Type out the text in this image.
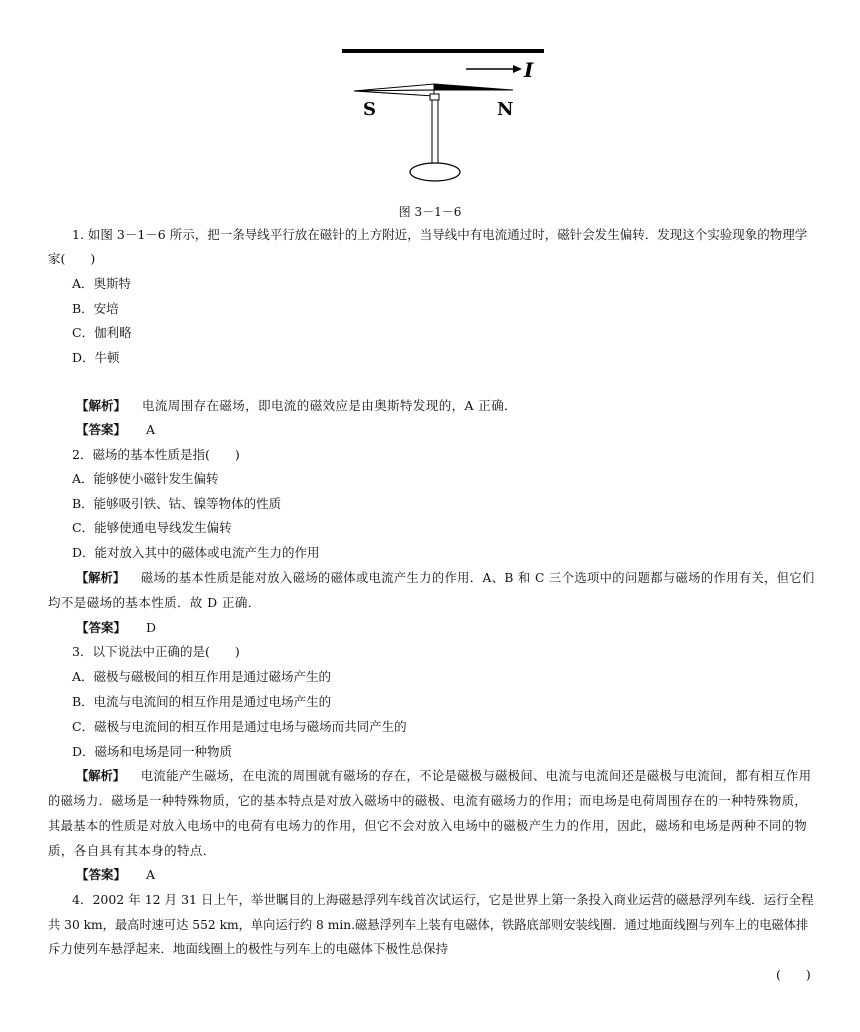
I
S	N
图 3－1－6
1. 如图 3－1－6 所示，把一条导线平行放在磁针的上方附近，当导线中有电流通过时，磁针会发生偏转．发现这个实验现象的物理学
家(　　)
A．奥斯特
B．安培
C．伽利略
D．牛顿
【解析】 电流周围存在磁场，即电流的磁效应是由奥斯特发现的，A 正确．
【答案】 A
2．磁场的基本性质是指(　　)
A．能够使小磁针发生偏转
B．能够吸引铁、钴、镍等物体的性质
C．能够使通电导线发生偏转
D．能对放入其中的磁体或电流产生力的作用
【解析】 磁场的基本性质是能对放入磁场的磁体或电流产生力的作用．A、B 和 C 三个选项中的问题都与磁场的作用有关，但它们
均不是磁场的基本性质．故 D 正确．
【答案】 D
3．以下说法中正确的是(　　)
A．磁极与磁极间的相互作用是通过磁场产生的
B．电流与电流间的相互作用是通过电场产生的
C．磁极与电流间的相互作用是通过电场与磁场而共同产生的
D．磁场和电场是同一种物质
【解析】 电流能产生磁场，在电流的周围就有磁场的存在，不论是磁极与磁极间、电流与电流间还是磁极与电流间，都有相互作用
的磁场力．磁场是一种特殊物质，它的基本特点是对放入磁场中的磁极、电流有磁场力的作用；而电场是电荷周围存在的一种特殊物质，
其最基本的性质是对放入电场中的电荷有电场力的作用，但它不会对放入电场中的磁极产生力的作用，因此，磁场和电场是两种不同的物
质，各自具有其本身的特点．
【答案】 A
4．2002 年 12 月 31 日上午，举世瞩目的上海磁悬浮列车线首次试运行，它是世界上第一条投入商业运营的磁悬浮列车线．运行全程
共 30 km，最高时速可达 552 km，单向运行约 8 min.磁悬浮列车上装有电磁体，铁路底部则安装线圈．通过地面线圈与列车上的电磁体排
斥力使列车悬浮起来．地面线圈上的极性与列车上的电磁体下极性总保持
(　　)
